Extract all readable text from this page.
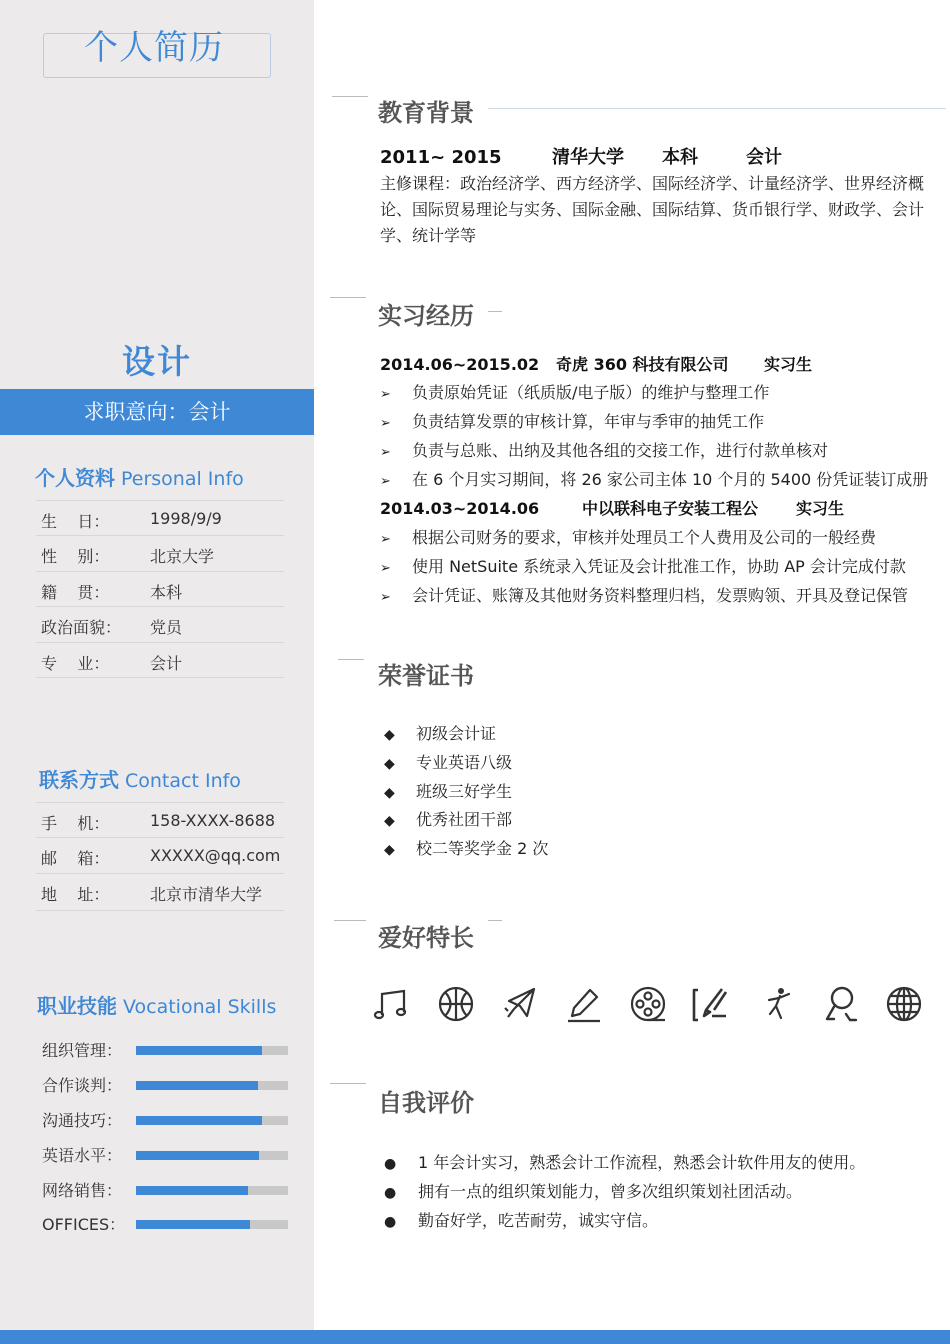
个人简历
设计
求职意向：会计
个人资料 Personal Info
生    日：	1998/9/9
性    别：	北京大学
籍    贯：	本科
政治面貌： 党员
专    业：	会计
联系方式 Contact Info
手    机：	158-XXXX-8688
邮    箱：	XXXXX@qq.com
地    址：	北京市清华大学
职业技能 Vocational Skills
组织管理：
合作谈判：
沟通技巧：
英语水平：
网络销售：
OFFICES：
教育背景
2011~ 2015	清华大学 本科	会计
主修课程：政治经济学、西方经济学、国际经济学、计量经济学、世界经济概论、国际贸易理论与实务、国际金融、国际结算、货币银行学、财政学、会计学、统计学等
实习经历
2014.06~2015.02 奇虎 360 科技有限公司 实习生
➢ 负责原始凭证（纸质版/电子版）的维护与整理工作
➢ 负责结算发票的审核计算，年审与季审的抽凭工作
➢ 负责与总账、出纳及其他各组的交接工作，进行付款单核对
➢ 在 6 个月实习期间，将 26 家公司主体 10 个月的 5400 份凭证装订成册
2014.03~2014.06	中以联科电子安装工程公 实习生
➢ 根据公司财务的要求，审核并处理员工个人费用及公司的一般经费
➢ 使用 NetSuite 系统录入凭证及会计批准工作，协助 AP 会计完成付款
➢ 会计凭证、账簿及其他财务资料整理归档，发票购领、开具及登记保管
荣誉证书
◆ 初级会计证
◆ 专业英语八级
◆ 班级三好学生
◆ 优秀社团干部
◆ 校二等奖学金 2 次
爱好特长
自我评价
● 1 年会计实习，熟悉会计工作流程，熟悉会计软件用友的使用。
● 拥有一点的组织策划能力，曾多次组织策划社团活动。
● 勤奋好学，吃苦耐劳，诚实守信。
